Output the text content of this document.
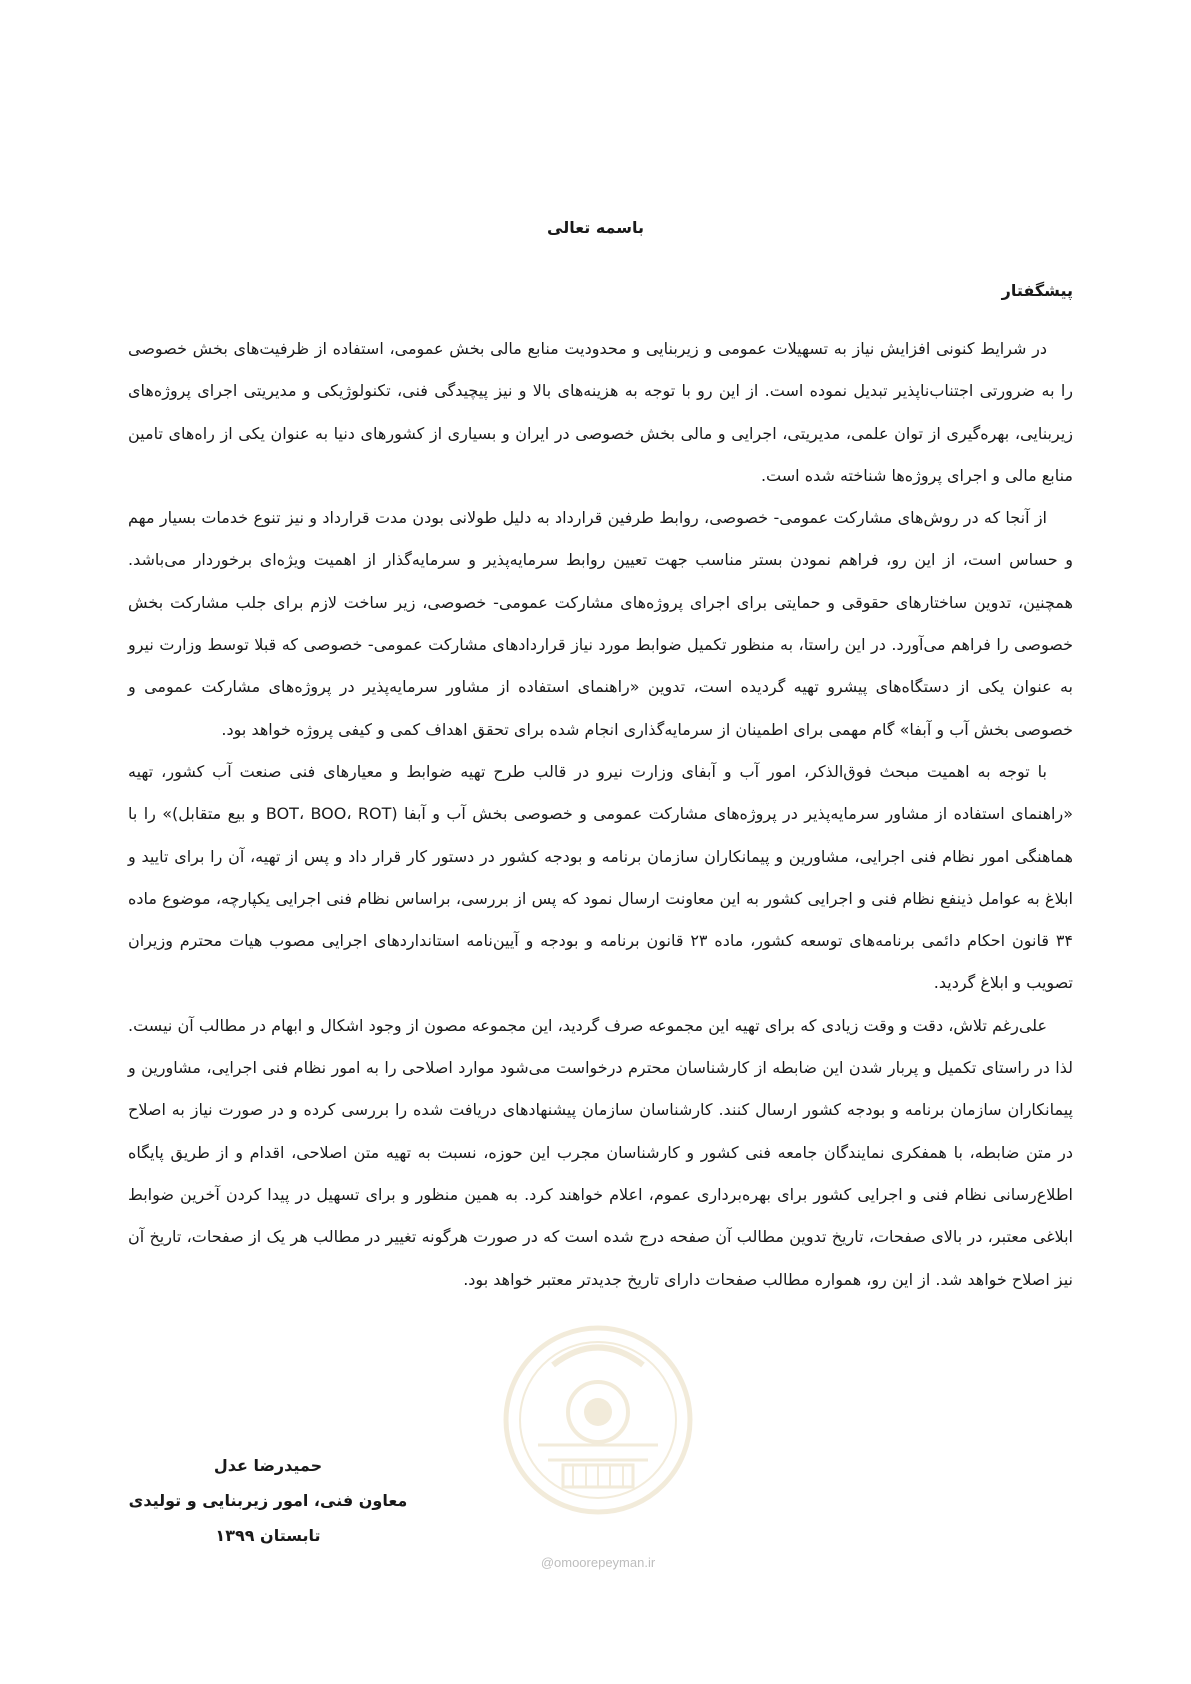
باسمه تعالی
پیشگفتار

در شرایط کنونی افزایش نیاز به تسهیلات عمومی و زیربنایی و محدودیت منابع مالی بخش عمومی، استفاده از ظرفیت‌های بخش خصوصی را به ضرورتی اجتناب‌ناپذیر تبدیل نموده است. از این رو با توجه به هزینه‌های بالا و نیز پیچیدگی فنی، تکنولوژیکی و مدیریتی اجرای پروژه‌های زیربنایی، بهره‌گیری از توان علمی، مدیریتی، اجرایی و مالی بخش خصوصی در ایران و بسیاری از کشورهای دنیا به عنوان یکی از راه‌های تامین منابع مالی و اجرای پروژه‌ها شناخته شده است.

از آنجا که در روش‌های مشارکت عمومی- خصوصی، روابط طرفین قرارداد به دلیل طولانی بودن مدت قرارداد و نیز تنوع خدمات بسیار مهم و حساس است، از این رو، فراهم نمودن بستر مناسب جهت تعیین روابط سرمایه‌پذیر و سرمایه‌گذار از اهمیت ویژه‌ای برخوردار می‌باشد. همچنین، تدوین ساختارهای حقوقی و حمایتی برای اجرای پروژه‌های مشارکت عمومی- خصوصی، زیر ساخت لازم برای جلب مشارکت بخش خصوصی را فراهم می‌آورد. در این راستا، به منظور تکمیل ضوابط مورد نیاز قراردادهای مشارکت عمومی- خصوصی که قبلا توسط وزارت نیرو به عنوان یکی از دستگاه‌های پیشرو تهیه گردیده است، تدوین «راهنمای استفاده از مشاور سرمایه‌پذیر در پروژه‌های مشارکت عمومی و خصوصی بخش آب و آبفا» گام مهمی برای اطمینان از سرمایه‌گذاری انجام شده برای تحقق اهداف کمی و کیفی پروژه خواهد بود.

با توجه به اهمیت مبحث فوق‌الذکر، امور آب و آبفای وزارت نیرو در قالب طرح تهیه ضوابط و معیارهای فنی صنعت آب کشور، تهیه «راهنمای استفاده از مشاور سرمایه‌پذیر در پروژه‌های مشارکت عمومی و خصوصی بخش آب و آبفا (BOT، BOO، ROT و بیع متقابل)» را با هماهنگی امور نظام فنی اجرایی، مشاورین و پیمانکاران سازمان برنامه و بودجه کشور در دستور کار قرار داد و پس از تهیه، آن را برای تایید و ابلاغ به عوامل ذینفع نظام فنی و اجرایی کشور به این معاونت ارسال نمود که پس از بررسی، براساس نظام فنی اجرایی یکپارچه، موضوع ماده ۳۴ قانون احکام دائمی برنامه‌های توسعه کشور، ماده ۲۳ قانون برنامه و بودجه و آیین‌نامه استانداردهای اجرایی مصوب هیات محترم وزیران تصویب و ابلاغ گردید.

علی‌رغم تلاش، دقت و وقت زیادی که برای تهیه این مجموعه صرف گردید، این مجموعه مصون از وجود اشکال و ابهام در مطالب آن نیست. لذا در راستای تکمیل و پربار شدن این ضابطه از کارشناسان محترم درخواست می‌شود موارد اصلاحی را به امور نظام فنی اجرایی، مشاورین و پیمانکاران سازمان برنامه و بودجه کشور ارسال کنند. کارشناسان سازمان پیشنهادهای دریافت شده را بررسی کرده و در صورت نیاز به اصلاح در متن ضابطه، با همفکری نمایندگان جامعه فنی کشور و کارشناسان مجرب این حوزه، نسبت به تهیه متن اصلاحی، اقدام و از طریق پایگاه اطلاع‌رسانی نظام فنی و اجرایی کشور برای بهره‌برداری عموم، اعلام خواهند کرد. به همین منظور و برای تسهیل در پیدا کردن آخرین ضوابط ابلاغی معتبر، در بالای صفحات، تاریخ تدوین مطالب آن صفحه درج شده است که در صورت هرگونه تغییر در مطالب هر یک از صفحات، تاریخ آن نیز اصلاح خواهد شد. از این رو، همواره مطالب صفحات دارای تاریخ جدیدتر معتبر خواهد بود.

@omoorepeyman.ir
حمیدرضا عدل
معاون فنی، امور زیربنایی و تولیدی
تابستان ۱۳۹۹
